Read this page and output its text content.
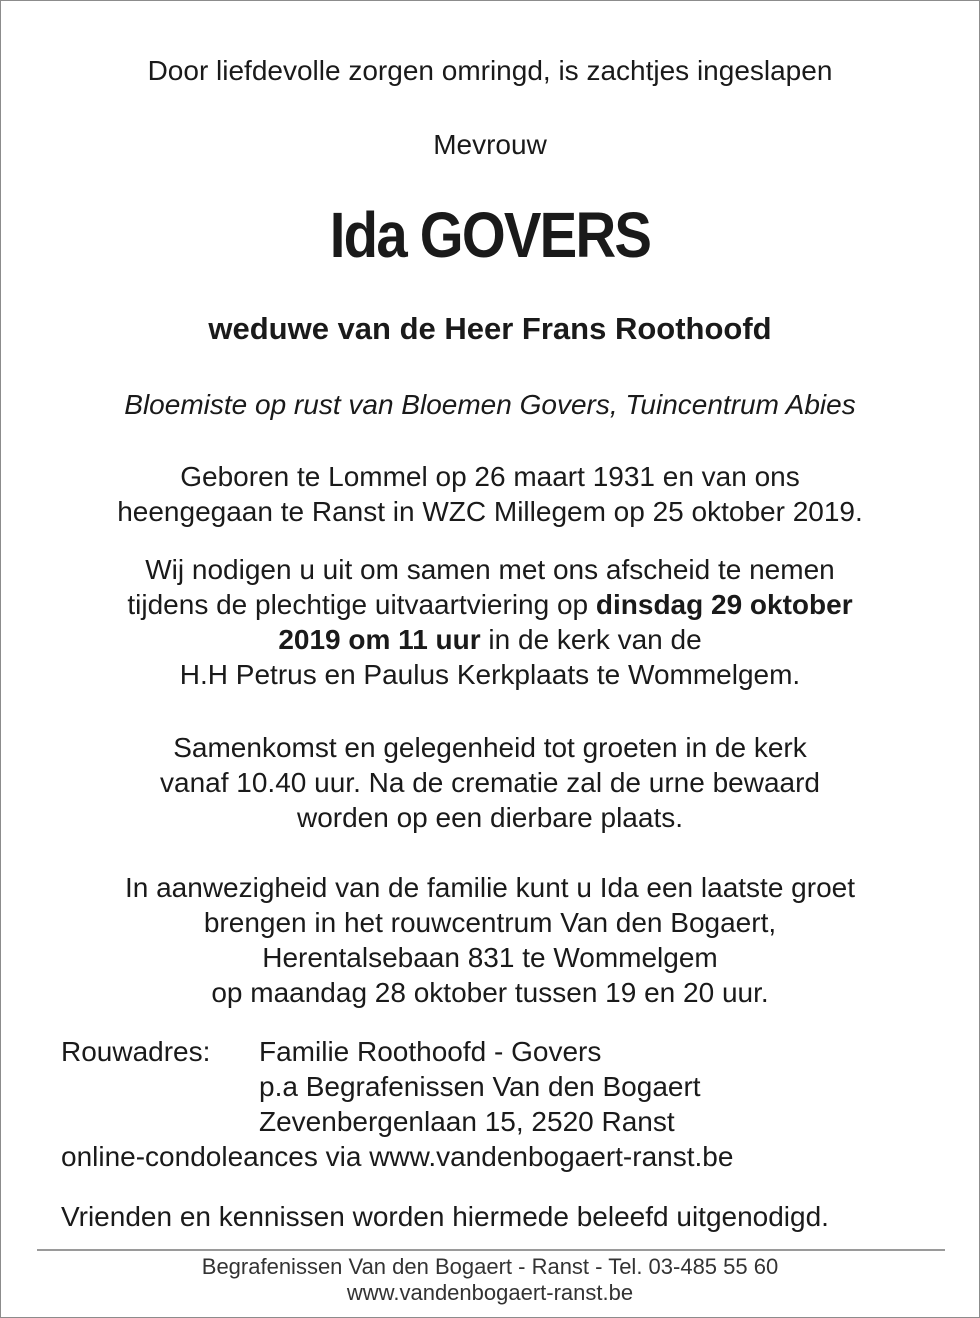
Door liefdevolle zorgen omringd, is zachtjes ingeslapen
Mevrouw
Ida GOVERS
weduwe van de Heer Frans Roothoofd
Bloemiste op rust van Bloemen Govers, Tuincentrum Abies
Geboren te Lommel op 26 maart 1931 en van ons
heengegaan te Ranst in WZC Millegem op 25 oktober 2019.
Wij nodigen u uit om samen met ons afscheid te nemen
tijdens de plechtige uitvaartviering op dinsdag 29 oktober
2019 om 11 uur in de kerk van de
H.H Petrus en Paulus Kerkplaats te Wommelgem.
Samenkomst en gelegenheid tot groeten in de kerk
vanaf 10.40 uur. Na de crematie zal de urne bewaard
worden op een dierbare plaats.
In aanwezigheid van de familie kunt u Ida een laatste groet
brengen in het rouwcentrum Van den Bogaert,
Herentalsebaan 831 te Wommelgem
op maandag 28 oktober tussen 19 en 20 uur.
Rouwadres: Familie Roothoofd - Govers
p.a Begrafenissen Van den Bogaert
Zevenbergenlaan 15, 2520 Ranst
online-condoleances via www.vandenbogaert-ranst.be
Vrienden en kennissen worden hiermede beleefd uitgenodigd.
Begrafenissen Van den Bogaert - Ranst - Tel. 03-485 55 60
www.vandenbogaert-ranst.be
